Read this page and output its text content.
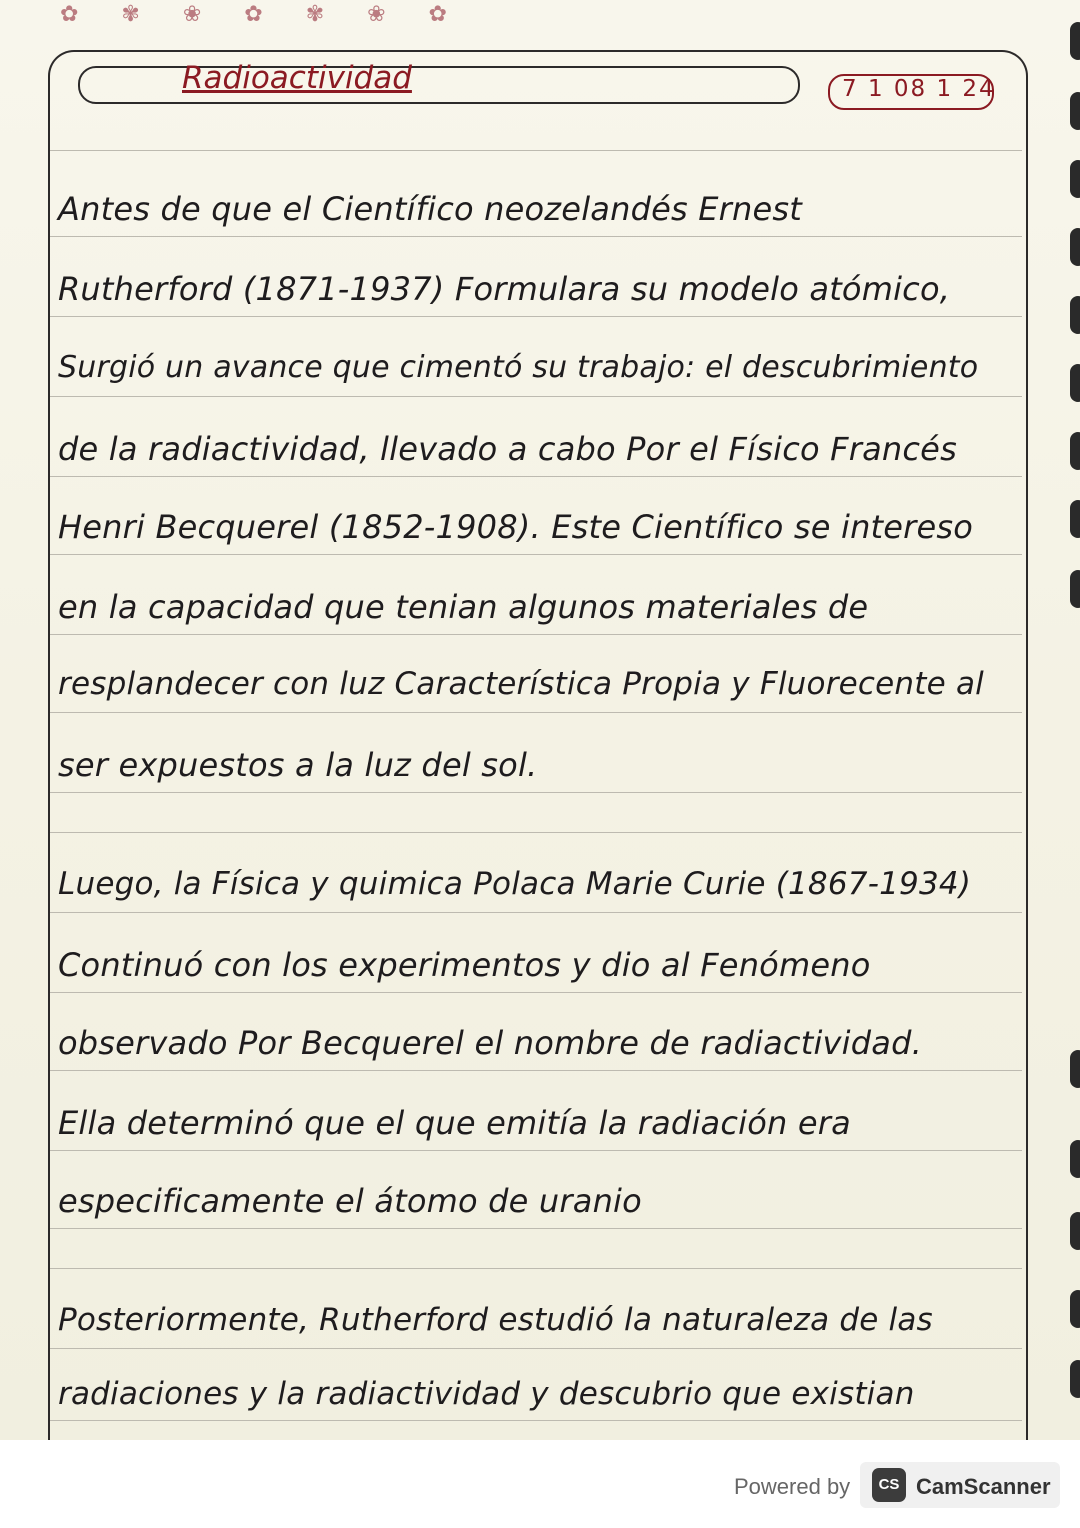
✿ ✾ ❀ ✿ ✾ ❀ ✿
Radioactividad	7 1 08 1 24
Antes de que el Científico neozelandés Ernest
Rutherford (1871-1937) Formulara su modelo atómico,
Surgió un avance que cimentó su trabajo: el descubrimiento
de la radiactividad, llevado a cabo Por el Físico Francés
Henri Becquerel (1852-1908). Este Científico se intereso
en la capacidad que tenian algunos materiales de
resplandecer con luz Característica Propia y Fluorecente al
ser expuestos a la luz del sol.
Luego, la Física y quimica Polaca Marie Curie (1867-1934)
Continuó con los experimentos y dio al Fenómeno
observado Por Becquerel el nombre de radiactividad.
Ella determinó que el que emitía la radiación era
especificamente el átomo de uranio
Posteriormente, Rutherford estudió la naturaleza de las
radiaciones y la radiactividad y descubrio que existian
Powered by	CS CamScanner
